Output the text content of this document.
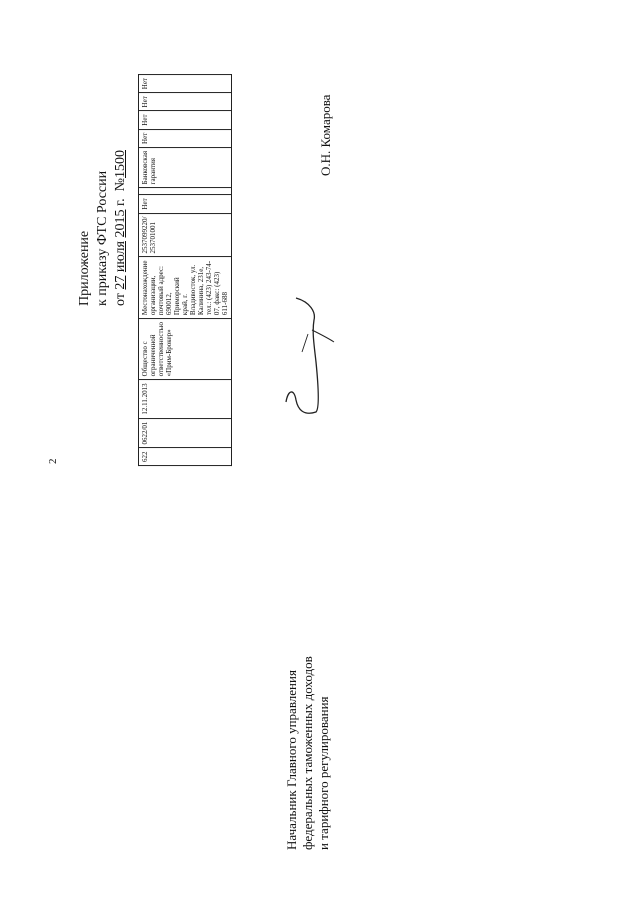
2
Приложение к приказу ФТС России от 27 июля 2015 г.  №1500
622	0622/01	12.11.2013	Общество с ограниченной ответственностью «Прим-Брокер»	Местонахождение организации, почтовый адрес: 690012, Приморский край, г. Владивосток, ул. Калинина, 231е, тел.: (423) 243-74-07, факс: (423) 611-688	2537099220/ 253701001	Нет		Банковская гарантия	Нет	Нет	Нет	Нет
Начальник Главного управления федеральных таможенных доходов и тарифного регулирования
О.Н. Комарова
